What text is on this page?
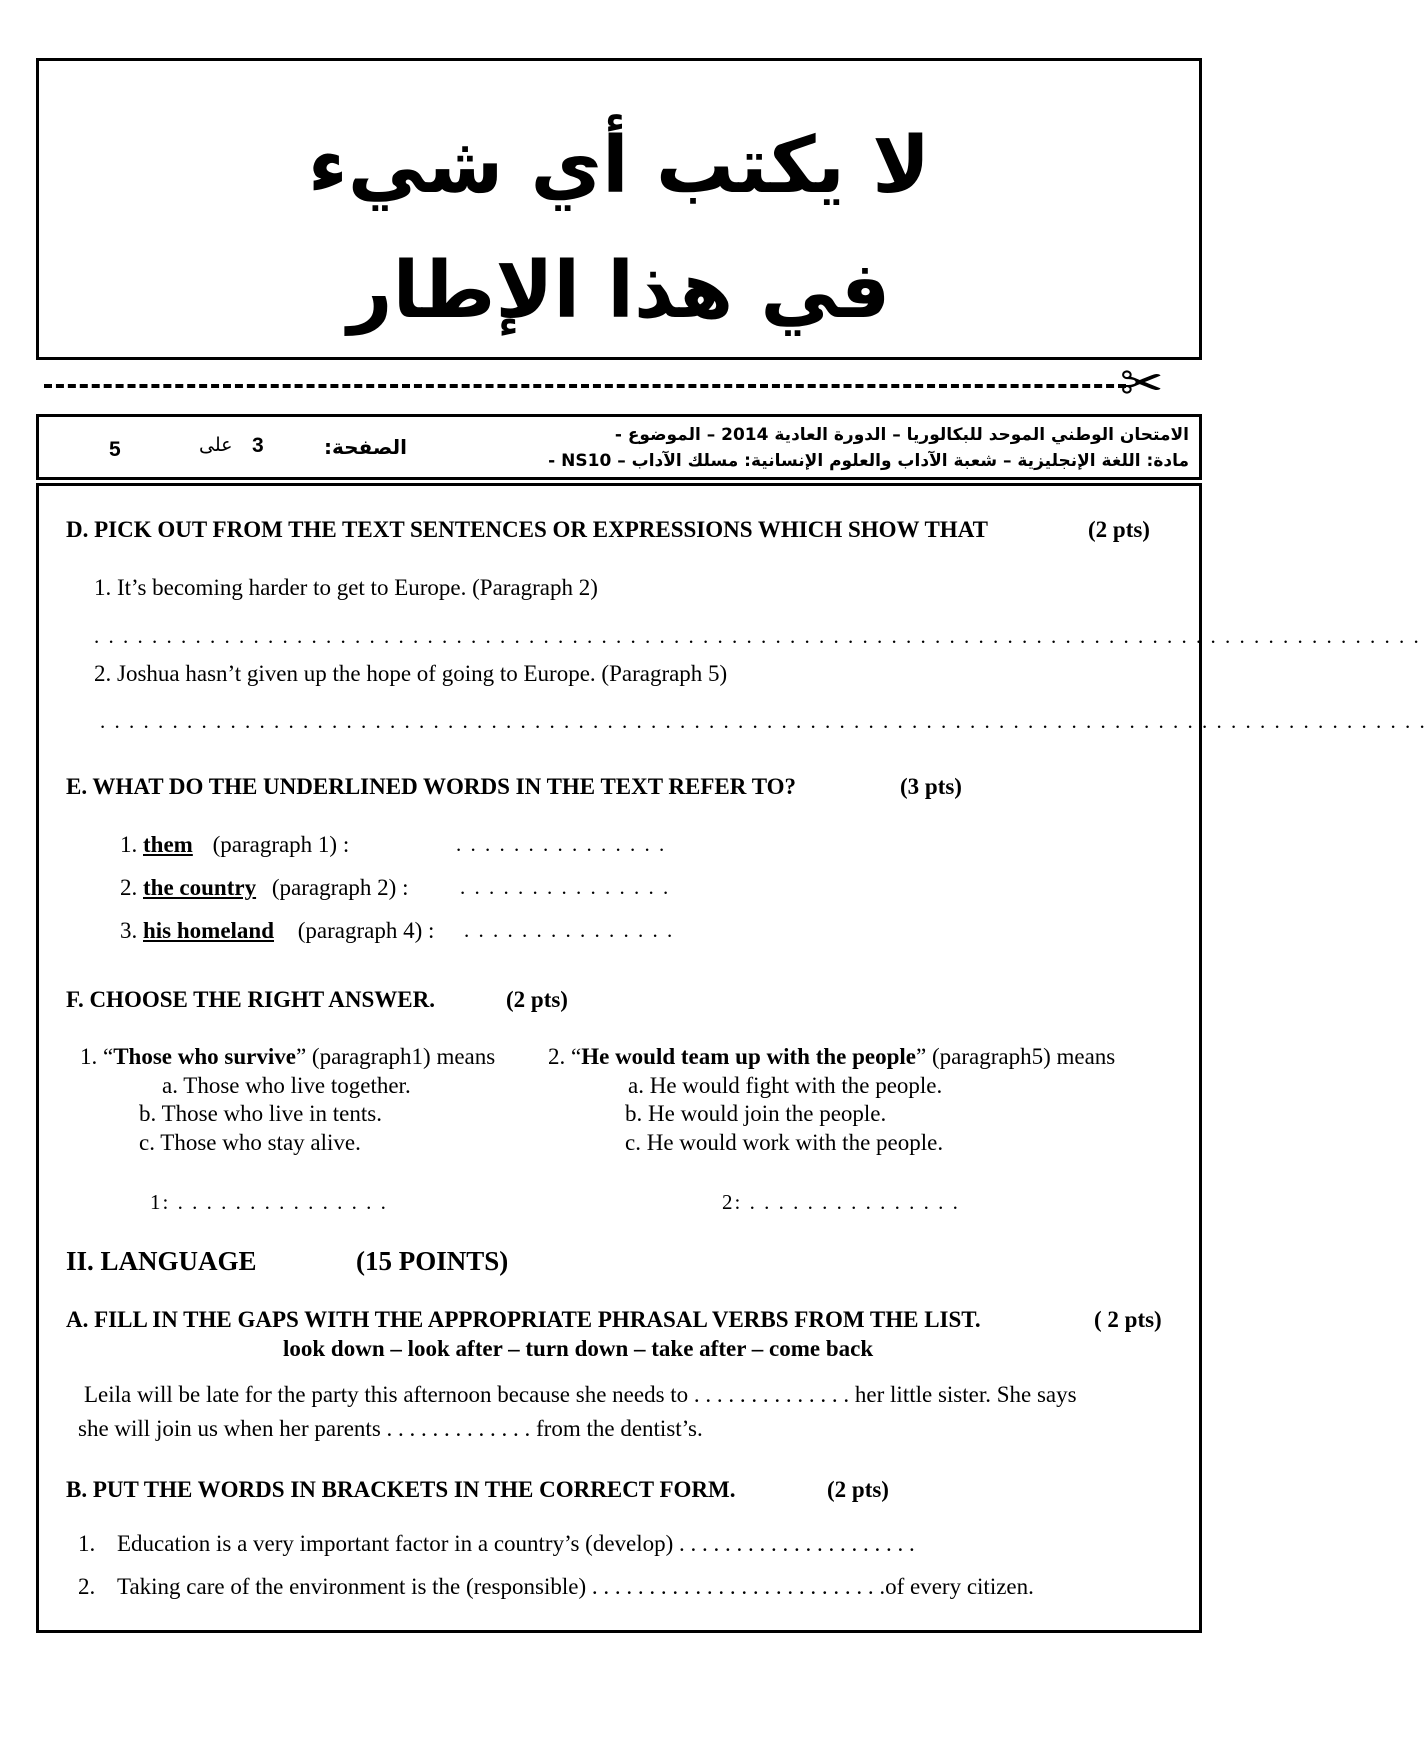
لا يكتب أي شيء
في هذا الإطار
✂
الامتحان الوطني الموحد للبكالوريا – الدورة العادية 2014 – الموضوع -
مادة: اللغة الإنجليزية – شعبة الآداب والعلوم الإنسانية: مسلك الآداب – NS10 -
الصفحة:
3
على
5
D. PICK OUT FROM THE TEXT SENTENCES OR EXPRESSIONS WHICH SHOW THAT	(2 pts)
1. It’s becoming harder to get to Europe. (Paragraph 2)
. . . . . . . . . . . . . . . . . . . . . . . . . . . . . . . . . . . . . . . . . . . . . . . . . . . . . . . . . . . . . . . . . . . . . . . . . . . . . . . . . . . . . . . . . . . .
2. Joshua hasn’t given up the hope of going to Europe. (Paragraph 5)
. . . . . . . . . . . . . . . . . . . . . . . . . . . . . . . . . . . . . . . . . . . . . . . . . . . . . . . . . . . . . . . . . . . . . . . . . . . . . . . . . . . . . . . . . . . .
E. WHAT DO THE UNDERLINED WORDS IN THE TEXT REFER TO?	(3 pts)
1. them (paragraph 1) :	. . . . . . . . . . . . . . .
2. the country (paragraph 2) : . . . . . . . . . . . . . . .
3. his homeland (paragraph 4) : . . . . . . . . . . . . . . .
F. CHOOSE THE RIGHT ANSWER.	(2 pts)
1. “Those who survive” (paragraph1) means
a. Those who live together.
b. Those who live in tents.
c. Those who stay alive.
2. “He would team up with the people” (paragraph5) means
a. He would fight with the people.
b. He would join the people.
c. He would work with the people.
1: . . . . . . . . . . . . . . .	2: . . . . . . . . . . . . . . .
II. LANGUAGE	(15 POINTS)
A. FILL IN THE GAPS WITH THE APPROPRIATE PHRASAL VERBS FROM THE LIST.	( 2 pts)
look down – look after – turn down – take after – come back
Leila will be late for the party this afternoon because she needs to . . . . . . . . . . . . . . her little sister. She says
she will join us when her parents . . . . . . . . . . . . . from the dentist’s.
B. PUT THE WORDS IN BRACKETS IN THE CORRECT FORM.	(2 pts)
1. Education is a very important factor in a country’s (develop) . . . . . . . . . . . . . . . . . . . . .
2. Taking care of the environment is the (responsible) . . . . . . . . . . . . . . . . . . . . . . . . . .of every citizen.
